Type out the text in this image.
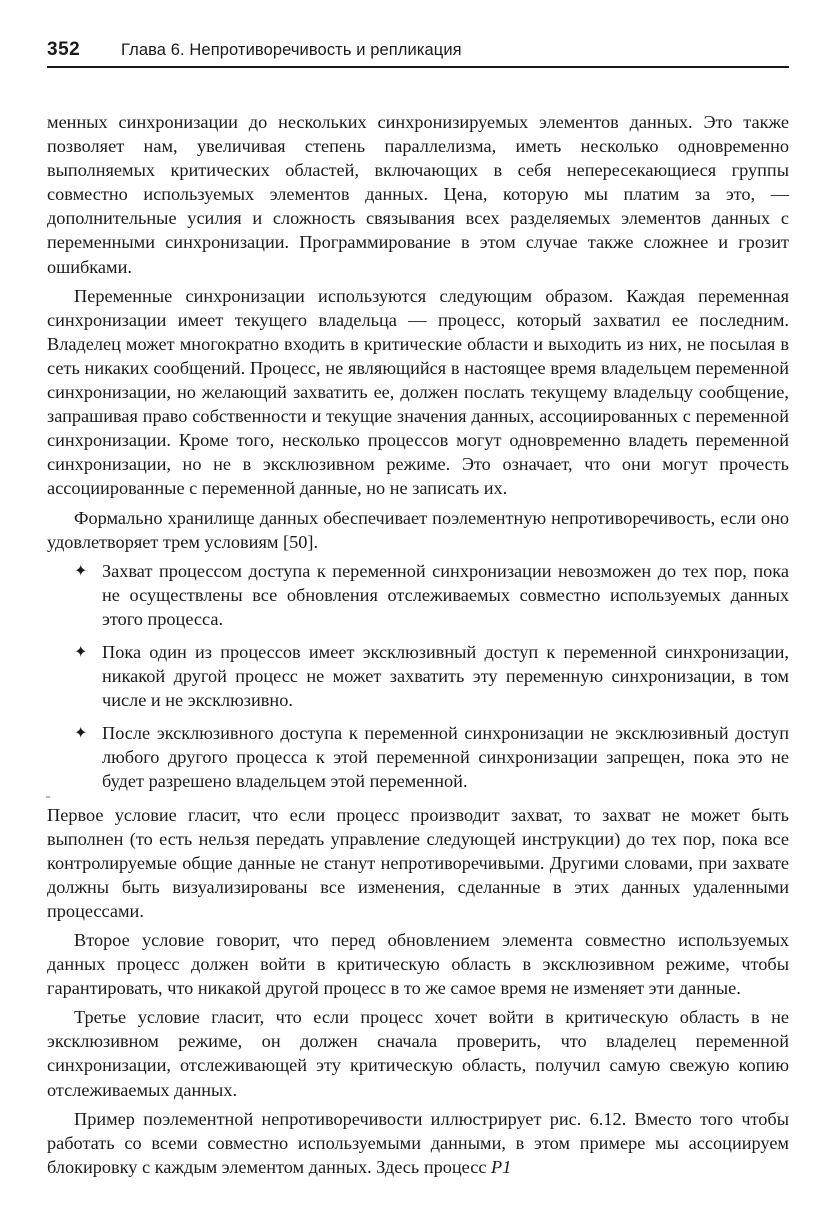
352 Глава 6. Непротиворечивость и репликация

менных синхронизации до нескольких синхронизируемых элементов данных. Это также позволяет нам, увеличивая степень параллелизма, иметь несколько одновременно выполняемых критических областей, включающих в себя непересекающиеся группы совместно используемых элементов данных. Цена, которую мы платим за это, — дополнительные усилия и сложность связывания всех разделяемых элементов данных с переменными синхронизации. Программирование в этом случае также сложнее и грозит ошибками.

Переменные синхронизации используются следующим образом. Каждая переменная синхронизации имеет текущего владельца — процесс, который захватил ее последним. Владелец может многократно входить в критические области и выходить из них, не посылая в сеть никаких сообщений. Процесс, не являющийся в настоящее время владельцем переменной синхронизации, но желающий захватить ее, должен послать текущему владельцу сообщение, запрашивая право собственности и текущие значения данных, ассоциированных с переменной синхронизации. Кроме того, несколько процессов могут одновременно владеть переменной синхронизации, но не в эксклюзивном режиме. Это означает, что они могут прочесть ассоциированные с переменной данные, но не записать их.

Формально хранилище данных обеспечивает поэлементную непротиворечивость, если оно удовлетворяет трем условиям [50].

✦ Захват процессом доступа к переменной синхронизации невозможен до тех пор, пока не осуществлены все обновления отслеживаемых совместно используемых данных этого процесса.
✦ Пока один из процессов имеет эксклюзивный доступ к переменной синхронизации, никакой другой процесс не может захватить эту переменную синхронизации, в том числе и не эксклюзивно.
✦ После эксклюзивного доступа к переменной синхронизации не эксклюзивный доступ любого другого процесса к этой переменной синхронизации запрещен, пока это не будет разрешено владельцем этой переменной.

Первое условие гласит, что если процесс производит захват, то захват не может быть выполнен (то есть нельзя передать управление следующей инструкции) до тех пор, пока все контролируемые общие данные не станут непротиворечивыми. Другими словами, при захвате должны быть визуализированы все изменения, сделанные в этих данных удаленными процессами.

Второе условие говорит, что перед обновлением элемента совместно используемых данных процесс должен войти в критическую область в эксклюзивном режиме, чтобы гарантировать, что никакой другой процесс в то же самое время не изменяет эти данные.

Третье условие гласит, что если процесс хочет войти в критическую область в не эксклюзивном режиме, он должен сначала проверить, что владелец переменной синхронизации, отслеживающей эту критическую область, получил самую свежую копию отслеживаемых данных.

Пример поэлементной непротиворечивости иллюстрирует рис. 6.12. Вместо того чтобы работать со всеми совместно используемыми данными, в этом примере мы ассоциируем блокировку с каждым элементом данных. Здесь процесс P1
